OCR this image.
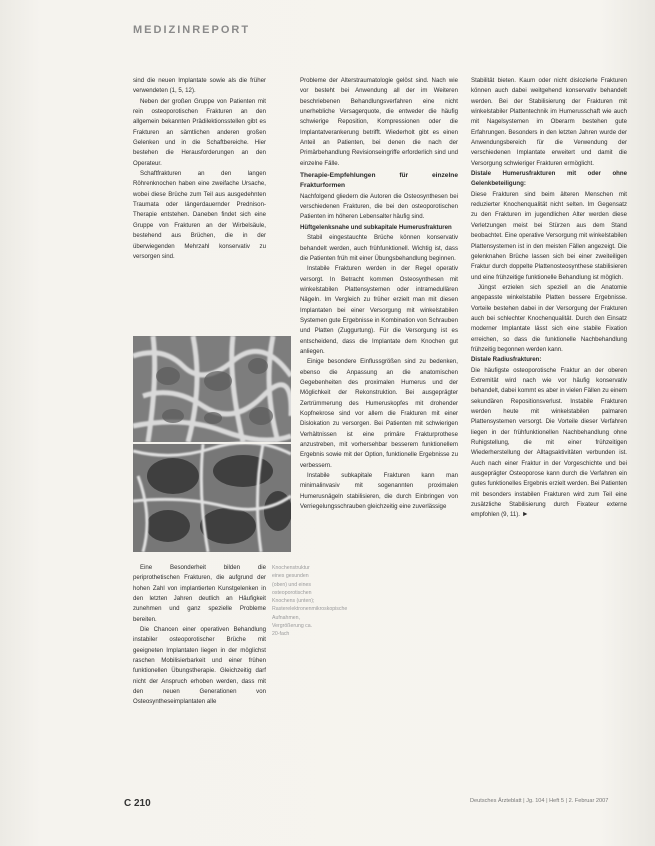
MEDIZINREPORT

sind die neuen Implantate sowie als die früher verwendeten (1, 5, 12).

Neben der großen Gruppe von Patienten mit rein osteoporotischen Frakturen an den allgemein bekannten Prädilektionsstellen gibt es Frakturen an sämtlichen anderen großen Gelenken und in die Schaftbereiche. Hier bestehen die Herausforderungen an den Operateur.

Schaftfrakturen an den langen Röhrenknochen haben eine zweifache Ursache, wobei diese Brüche zum Teil aus ausgedehnten Traumata oder längerdauernder Prednison-Therapie entstehen. Daneben findet sich eine Gruppe von Frakturen an der Wirbelsäule, bestehend aus Brüchen, die in der überwiegenden Mehrzahl konservativ zu versorgen sind.

Knochenstruktur eines gesunden (oben) und eines osteoporotischen Knochens (unten); Rasterelektronenmikroskopische Aufnahmen, Vergrößerung ca. 20-fach

Eine Besonderheit bilden die periprothetischen Frakturen, die aufgrund der hohen Zahl von implantierten Kunstgelenken in den letzten Jahren deutlich an Häufigkeit zunehmen und ganz spezielle Probleme bereiten.

Die Chancen einer operativen Behandlung instabiler osteoporotischer Brüche mit geeigneten Implantaten liegen in der möglichst raschen Mobilisierbarkeit und einer frühen funktionellen Übungstherapie. Gleichzeitig darf nicht der Anspruch erhoben werden, dass mit den neuen Generationen von Osteosyntheseimplantaten alle

Probleme der Alterstraumatologie gelöst sind. Nach wie vor besteht bei Anwendung all der im Weiteren beschriebenen Behandlungsverfahren eine nicht unerhebliche Versagerquote, die entweder die häufig schwierige Reposition, Kompressionen oder die Implantatverankerung betrifft. Wiederholt gibt es einen Anteil an Patienten, bei denen die nach der Primärbehandlung Revisionseingriffe erforderlich sind und einzelne Fälle.

Therapie-Empfehlungen für einzelne Frakturformen

Nachfolgend gliedern die Autoren die Osteosynthesen bei verschiedenen Frakturen, die bei den osteoporotischen Patienten im höheren Lebensalter häufig sind.

Hüftgelenksnahe und subkapitale Humerusfrakturen

Stabil eingestauchte Brüche können konservativ behandelt werden, auch frühfunktionell. Wichtig ist, dass die Patienten früh mit einer Übungsbehandlung beginnen.

Instabile Frakturen werden in der Regel operativ versorgt. In Betracht kommen Osteosynthesen mit winkelstabilen Plattensystemen oder intramedullären Nägeln. Im Vergleich zu früher erzielt man mit diesen Implantaten bei einer Versorgung mit winkelstabilen Systemen gute Ergebnisse in Kombination von Schrauben und Platten (Zuggurtung). Für die Versorgung ist es entscheidend, dass die Implantate dem Knochen gut anliegen.

Einige besondere Einflussgrößen sind zu bedenken, ebenso die Anpassung an die anatomischen Gegebenheiten des proximalen Humerus und der Möglichkeit der Rekonstruktion. Bei ausgeprägter Zertrümmerung des Humeruskopfes mit drohender Kopfnekrose sind vor allem die Frakturen mit einer Dislokation zu versorgen. Bei Patienten mit schwierigen Verhältnissen ist eine primäre Frakturprothese anzustreben, mit vorhersehbar besserem funktionellem Ergebnis sowie mit der Option, funktionelle Ergebnisse zu verbessern.

Instabile subkapitale Frakturen kann man minimalinvasiv mit sogenannten proximalen Humerusnägeln stabilisieren, die durch Einbringen von Verriegelungsschrauben gleichzeitig eine zuverlässige

Stabilität bieten. Kaum oder nicht dislozierte Frakturen können auch dabei weitgehend konservativ behandelt werden. Bei der Stabilisierung der Frakturen mit winkelstabiler Plattentechnik im Humerusschaft wie auch mit Nagelsystemen im Oberarm bestehen gute Erfahrungen. Besonders in den letzten Jahren wurde der Anwendungsbereich für die Verwendung der verschiedenen Implantate erweitert und damit die Versorgung schwieriger Frakturen ermöglicht.

Distale Humerusfrakturen mit oder ohne Gelenkbeteiligung:

Diese Frakturen sind beim älteren Menschen mit reduzierter Knochenqualität nicht selten. Im Gegensatz zu den Frakturen im jugendlichen Alter werden diese Verletzungen meist bei Stürzen aus dem Stand beobachtet. Eine operative Versorgung mit winkelstabilen Plattensystemen ist in den meisten Fällen angezeigt. Die gelenknahen Brüche lassen sich bei einer zweiteiligen Fraktur durch doppelte Plattenosteosynthese stabilisieren und eine frühzeitige funktionelle Behandlung ist möglich.

Jüngst erzielen sich speziell an die Anatomie angepasste winkelstabile Platten bessere Ergebnisse. Vorteile bestehen dabei in der Versorgung der Frakturen auch bei schlechter Knochenqualität. Durch den Einsatz moderner Implantate lässt sich eine stabile Fixation erreichen, so dass die funktionelle Nachbehandlung frühzeitig begonnen werden kann.

Distale Radiusfrakturen:

Die häufigste osteoporotische Fraktur an der oberen Extremität wird nach wie vor häufig konservativ behandelt, dabei kommt es aber in vielen Fällen zu einem sekundären Repositionsverlust. Instabile Frakturen werden heute mit winkelstabilen palmaren Plattensystemen versorgt. Die Vorteile dieser Verfahren liegen in der frühfunktionellen Nachbehandlung ohne Ruhigstellung, die mit einer frühzeitigen Wiederherstellung der Alltagsaktivitäten verbunden ist. Auch nach einer Fraktur in der Vorgeschichte und bei ausgeprägter Osteoporose kann durch die Verfahren ein gutes funktionelles Ergebnis erzielt werden. Bei Patienten mit besonders instabilen Frakturen wird zum Teil eine zusätzliche Stabilisierung durch Fixateur externe empfohlen (9, 11). ►

C 210	Deutsches Ärzteblatt | Jg. 104 | Heft 5 | 2. Februar 2007
